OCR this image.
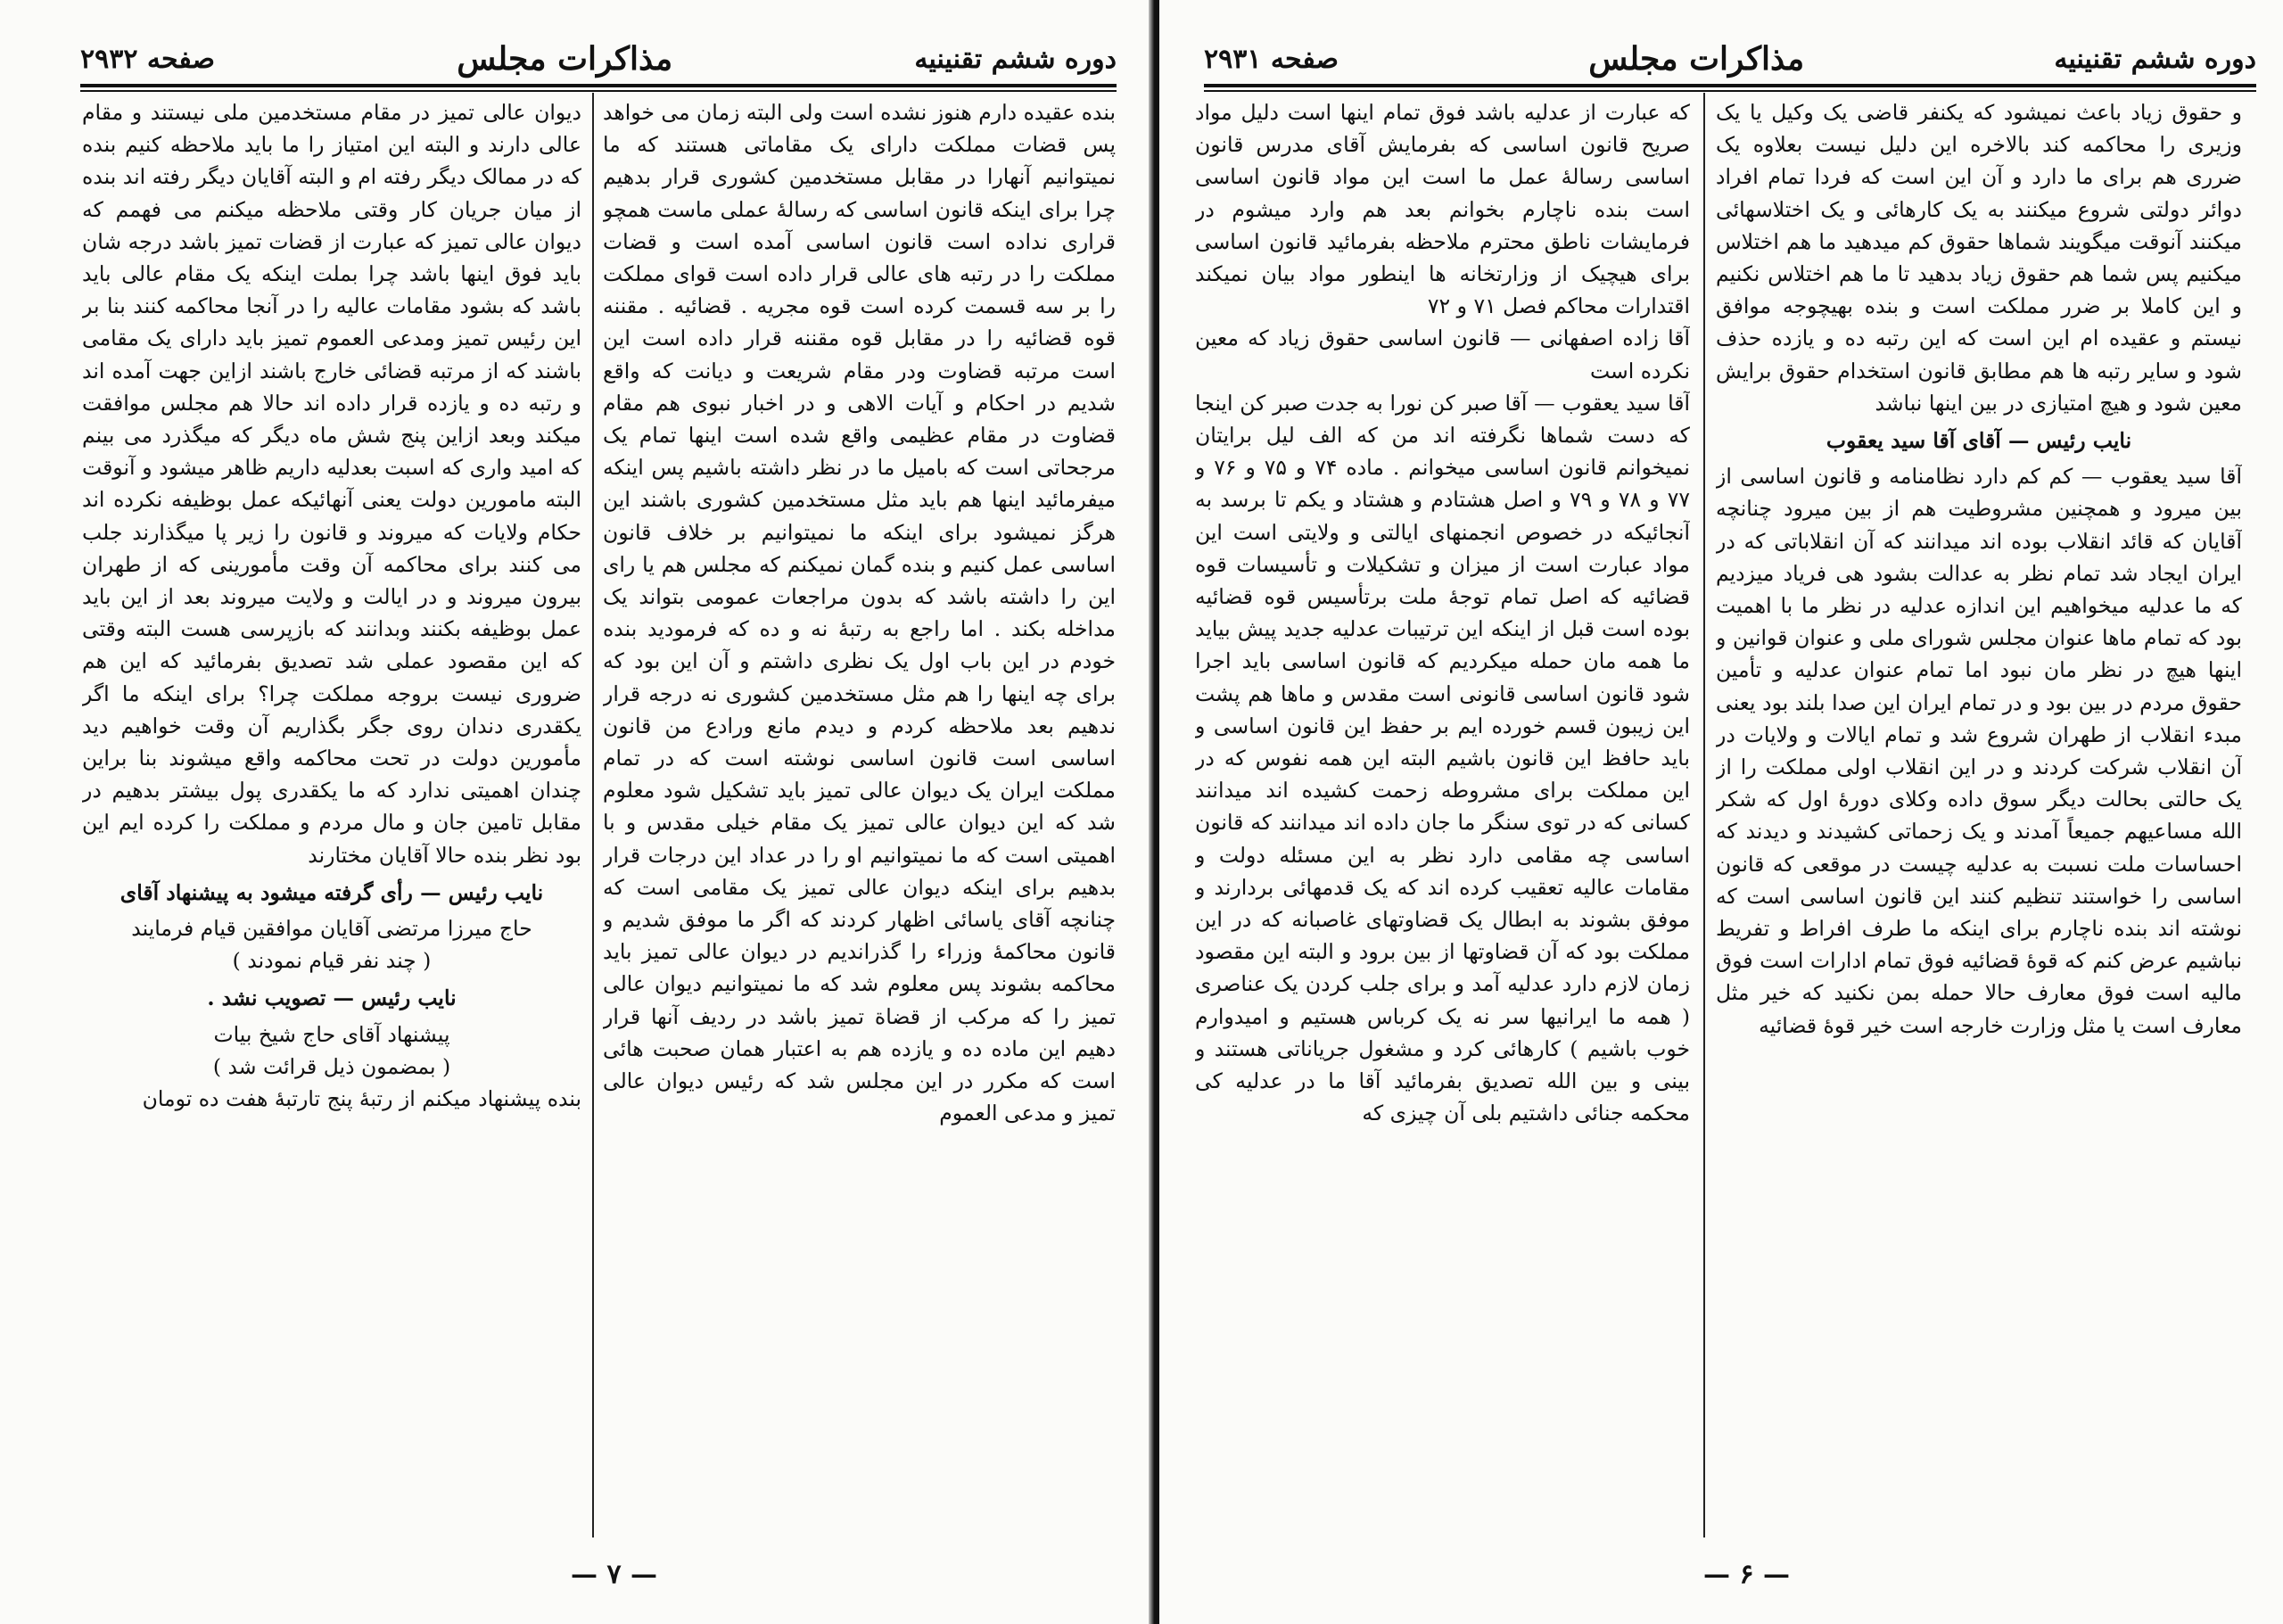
دوره ششم تقنینیه
مذاکرات مجلس
صفحه ۲۹۳۲

بنده عقیده دارم هنوز نشده است ولی البته زمان می خواهد پس قضات مملکت دارای یک مقاماتی هستند که ما نمیتوانیم آنهارا در مقابل مستخدمین کشوری قرار بدهیم چرا برای اینکه قانون اساسی که رسالهٔ عملی ماست همچو قراری نداده است قانون اساسی آمده است و قضات مملکت را در رتبه های عالی قرار داده است قوای مملکت را بر سه قسمت کرده است قوه مجریه . قضائیه . مقننه قوه قضائیه را در مقابل قوه مقننه قرار داده است این است مرتبه قضاوت ودر مقام شریعت و دیانت که واقع شدیم در احکام و آیات الاهی و در اخبار نبوی هم مقام قضاوت در مقام عظیمی واقع شده است اینها تمام یک مرجحاتی است که بامیل ما در نظر داشته باشیم پس اینکه میفرمائید اینها هم باید مثل مستخدمین کشوری باشند این هرگز نمیشود برای اینکه ما نمیتوانیم بر خلاف قانون اساسی عمل کنیم و بنده گمان نمیکنم که مجلس هم یا رای این را داشته باشد که بدون مراجعات عمومی بتواند یک مداخله بکند . اما راجع به رتبهٔ نه و ده که فرمودید بنده خودم در این باب اول یک نظری داشتم و آن این بود که برای چه اینها را هم مثل مستخدمین کشوری نه درجه قرار ندهیم بعد ملاحظه کردم و دیدم مانع ورادع من قانون اساسی است قانون اساسی نوشته است که در تمام مملکت ایران یک دیوان عالی تمیز باید تشکیل شود معلوم شد که این دیوان عالی تمیز یک مقام خیلی مقدس و با اهمیتی است که ما نمیتوانیم او را در عداد این درجات قرار بدهیم برای اینکه دیوان عالی تمیز یک مقامی است که چنانچه آقای یاسائی اظهار کردند که اگر ما موفق شدیم و قانون محاکمهٔ وزراء را گذراندیم در دیوان عالی تمیز باید محاکمه بشوند پس معلوم شد که ما نمیتوانیم دیوان عالی تمیز را که مرکب از قضاة تمیز باشد در ردیف آنها قرار دهیم این ماده ده و یازده هم به اعتبار همان صحبت هائی است که مکرر در این مجلس شد که رئیس دیوان عالی تمیز و مدعی العموم

دیوان عالی تمیز در مقام مستخدمین ملی نیستند و مقام عالی دارند و البته این امتیاز را ما باید ملاحظه کنیم بنده که در ممالک دیگر رفته ام و البته آقایان دیگر رفته اند بنده از میان جریان کار وقتی ملاحظه میکنم می فهمم که دیوان عالی تمیز که عبارت از قضات تمیز باشد درجه شان باید فوق اینها باشد چرا بملت اینکه یک مقام عالی باید باشد که بشود مقامات عالیه را در آنجا محاکمه کنند بنا بر این رئیس تمیز ومدعی العموم تمیز باید دارای یک مقامی باشند که از مرتبه قضائی خارج باشند ازاین جهت آمده اند و رتبه ده و یازده قرار داده اند حالا هم مجلس موافقت میکند وبعد ازاین پنج شش ماه دیگر که میگذرد می بینم که امید واری که اسبت بعدلیه داریم ظاهر میشود و آنوقت البته مامورین دولت یعنی آنهائیکه عمل بوظیفه نکرده اند حکام ولایات که میروند و قانون را زیر پا میگذارند جلب می کنند برای محاکمه آن وقت مأمورینی که از طهران بیرون میروند و در ایالت و ولایت میروند بعد از این باید عمل بوظیفه بکنند وبدانند که بازپرسی هست البته وقتی که این مقصود عملی شد تصدیق بفرمائید که این هم ضروری نیست بروجه مملکت چرا؟ برای اینکه ما اگر یکقدری دندان روی جگر بگذاریم آن وقت خواهیم دید مأمورین دولت در تحت محاکمه واقع میشوند بنا براین چندان اهمیتی ندارد که ما یکقدری پول بیشتر بدهیم در مقابل تامین جان و مال مردم و مملکت را کرده ایم این بود نظر بنده حالا آقایان مختارند

نایب رئیس — رأی گرفته میشود به پیشنهاد آقای

حاج میرزا مرتضی آقایان موافقین قیام فرمایند

( چند نفر قیام نمودند )

نایب رئیس — تصویب نشد .

پیشنهاد آقای حاج شیخ بیات

( بمضمون ذیل قرائت شد )

بنده پیشنهاد میکنم از رتبهٔ پنج تارتبهٔ هفت ده تومان

— ۷ —
دوره ششم تقنینیه
مذاکرات مجلس
صفحه ۲۹۳۱

و حقوق زیاد باعث نمیشود که یکنفر قاضی یک وکیل یا یک وزیری را محاکمه کند بالاخره این دلیل نیست بعلاوه یک ضرری هم برای ما دارد و آن این است که فردا تمام افراد دوائر دولتی شروع میکنند به یک کارهائی و یک اختلاسهائی میکنند آنوقت میگویند شماها حقوق کم میدهید ما هم اختلاس میکنیم پس شما هم حقوق زیاد بدهید تا ما هم اختلاس نکنیم و این کاملا بر ضرر مملکت است و بنده بهیچوجه موافق نیستم و عقیده ام این است که این رتبه ده و یازده حذف شود و سایر رتبه ها هم مطابق قانون استخدام حقوق برایش معین شود و هیچ امتیازی در بین اینها نباشد

نایب رئیس — آقای آقا سید یعقوب

آقا سید یعقوب — کم کم دارد نظامنامه و قانون اساسی از بین میرود و همچنین مشروطیت هم از بین میرود چنانچه آقایان که قائد انقلاب بوده اند میدانند که آن انقلاباتی که در ایران ایجاد شد تمام نظر به عدالت بشود هی فریاد میزدیم که ما عدلیه میخواهیم این اندازه عدلیه در نظر ما با اهمیت بود که تمام ماها عنوان مجلس شورای ملی و عنوان قوانین و اینها هیچ در نظر مان نبود اما تمام عنوان عدلیه و تأمین حقوق مردم در بین بود و در تمام ایران این صدا بلند بود یعنی مبدء انقلاب از طهران شروع شد و تمام ایالات و ولایات در آن انقلاب شرکت کردند و در این انقلاب اولی مملکت را از یک حالتی بحالت دیگر سوق داده وکلای دورهٔ اول که شکر الله مساعیهم جمیعاً آمدند و یک زحماتی کشیدند و دیدند که احساسات ملت نسبت به عدلیه چیست در موقعی که قانون اساسی را خواستند تنظیم کنند این قانون اساسی است که نوشته اند بنده ناچارم برای اینکه ما طرف افراط و تفریط نباشیم عرض کنم که قوهٔ قضائیه فوق تمام ادارات است فوق مالیه است فوق معارف حالا حمله بمن نکنید که خیر مثل معارف است یا مثل وزارت خارجه است خیر قوهٔ قضائیه

که عبارت از عدلیه باشد فوق تمام اینها است دلیل مواد صریح قانون اساسی که بفرمایش آقای مدرس قانون اساسی رسالهٔ عمل ما است این مواد قانون اساسی است بنده ناچارم بخوانم بعد هم وارد میشوم در فرمایشات ناطق محترم ملاحظه بفرمائید قانون اساسی برای هیچیک از وزارتخانه ها اینطور مواد بیان نمیکند اقتدارات محاکم فصل ۷۱ و ۷۲

آقا زاده اصفهانی — قانون اساسی حقوق زیاد که معین نکرده است

آقا سید یعقوب — آقا صبر کن نورا به جدت صبر کن اینجا که دست شماها نگرفته اند من که الف لیل برایتان نمیخوانم قانون اساسی میخوانم . ماده ۷۴ و ۷۵ و ۷۶ و ۷۷ و ۷۸ و ۷۹ و اصل هشتادم و هشتاد و یکم تا برسد به آنجائیکه در خصوص انجمنهای ایالتی و ولایتی است این مواد عبارت است از میزان و تشکیلات و تأسیسات قوه قضائیه که اصل تمام توجهٔ ملت برتأسیس قوه قضائیه بوده است قبل از اینکه این ترتیبات عدلیه جدید پیش بیاید ما همه مان حمله میکردیم که قانون اساسی باید اجرا شود قانون اساسی قانونی است مقدس و ماها هم پشت این زیبون قسم خورده ایم بر حفظ این قانون اساسی و باید حافظ این قانون باشیم البته این همه نفوس که در این مملکت برای مشروطه زحمت کشیده اند میدانند کسانی که در توی سنگر ما جان داده اند میدانند که قانون اساسی چه مقامی دارد نظر به این مسئله دولت و مقامات عالیه تعقیب کرده اند که یک قدمهائی بردارند و موفق بشوند به ابطال یک قضاوتهای غاصبانه که در این مملکت بود که آن قضاوتها از بین برود و البته این مقصود زمان لازم دارد عدلیه آمد و برای جلب کردن یک عناصری ( همه ما ایرانیها سر نه یک کرباس هستیم و امیدوارم خوب باشیم ) کارهائی کرد و مشغول جریاناتی هستند و بینی و بین الله تصدیق بفرمائید آقا ما در عدلیه کی محکمه جنائی داشتیم بلی آن چیزی که

— ۶ —
